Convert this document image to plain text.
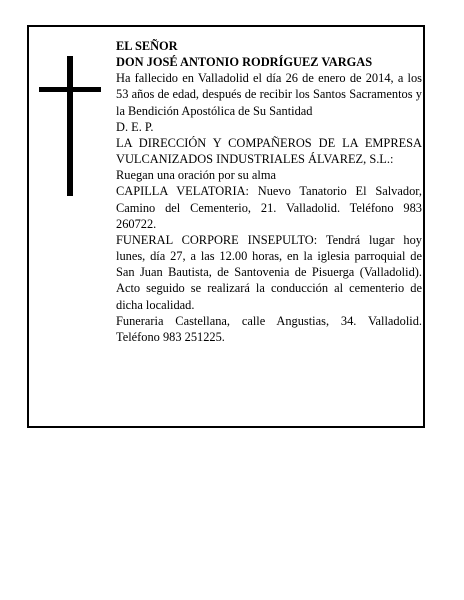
EL SEÑOR
DON JOSÉ ANTONIO RODRÍGUEZ VARGAS
Ha fallecido en Valladolid el día 26 de enero de 2014, a los 53 años de edad, después de recibir los Santos Sacramentos y la Bendición Apostólica de Su Santidad
D. E. P.
LA DIRECCIÓN Y COMPAÑEROS DE LA EMPRESA VULCANIZADOS INDUSTRIALES ÁLVAREZ, S.L.:
Ruegan una oración por su alma
CAPILLA VELATORIA: Nuevo Tanatorio El Salvador, Camino del Cementerio, 21. Valladolid. Teléfono 983 260722.
FUNERAL CORPORE INSEPULTO: Tendrá lugar hoy lunes, día 27, a las 12.00 horas, en la iglesia parroquial de San Juan Bautista, de Santovenia de Pisuerga (Valladolid). Acto seguido se realizará la conducción al cementerio de dicha localidad.
Funeraria Castellana, calle Angustias, 34. Valladolid. Teléfono 983 251225.
